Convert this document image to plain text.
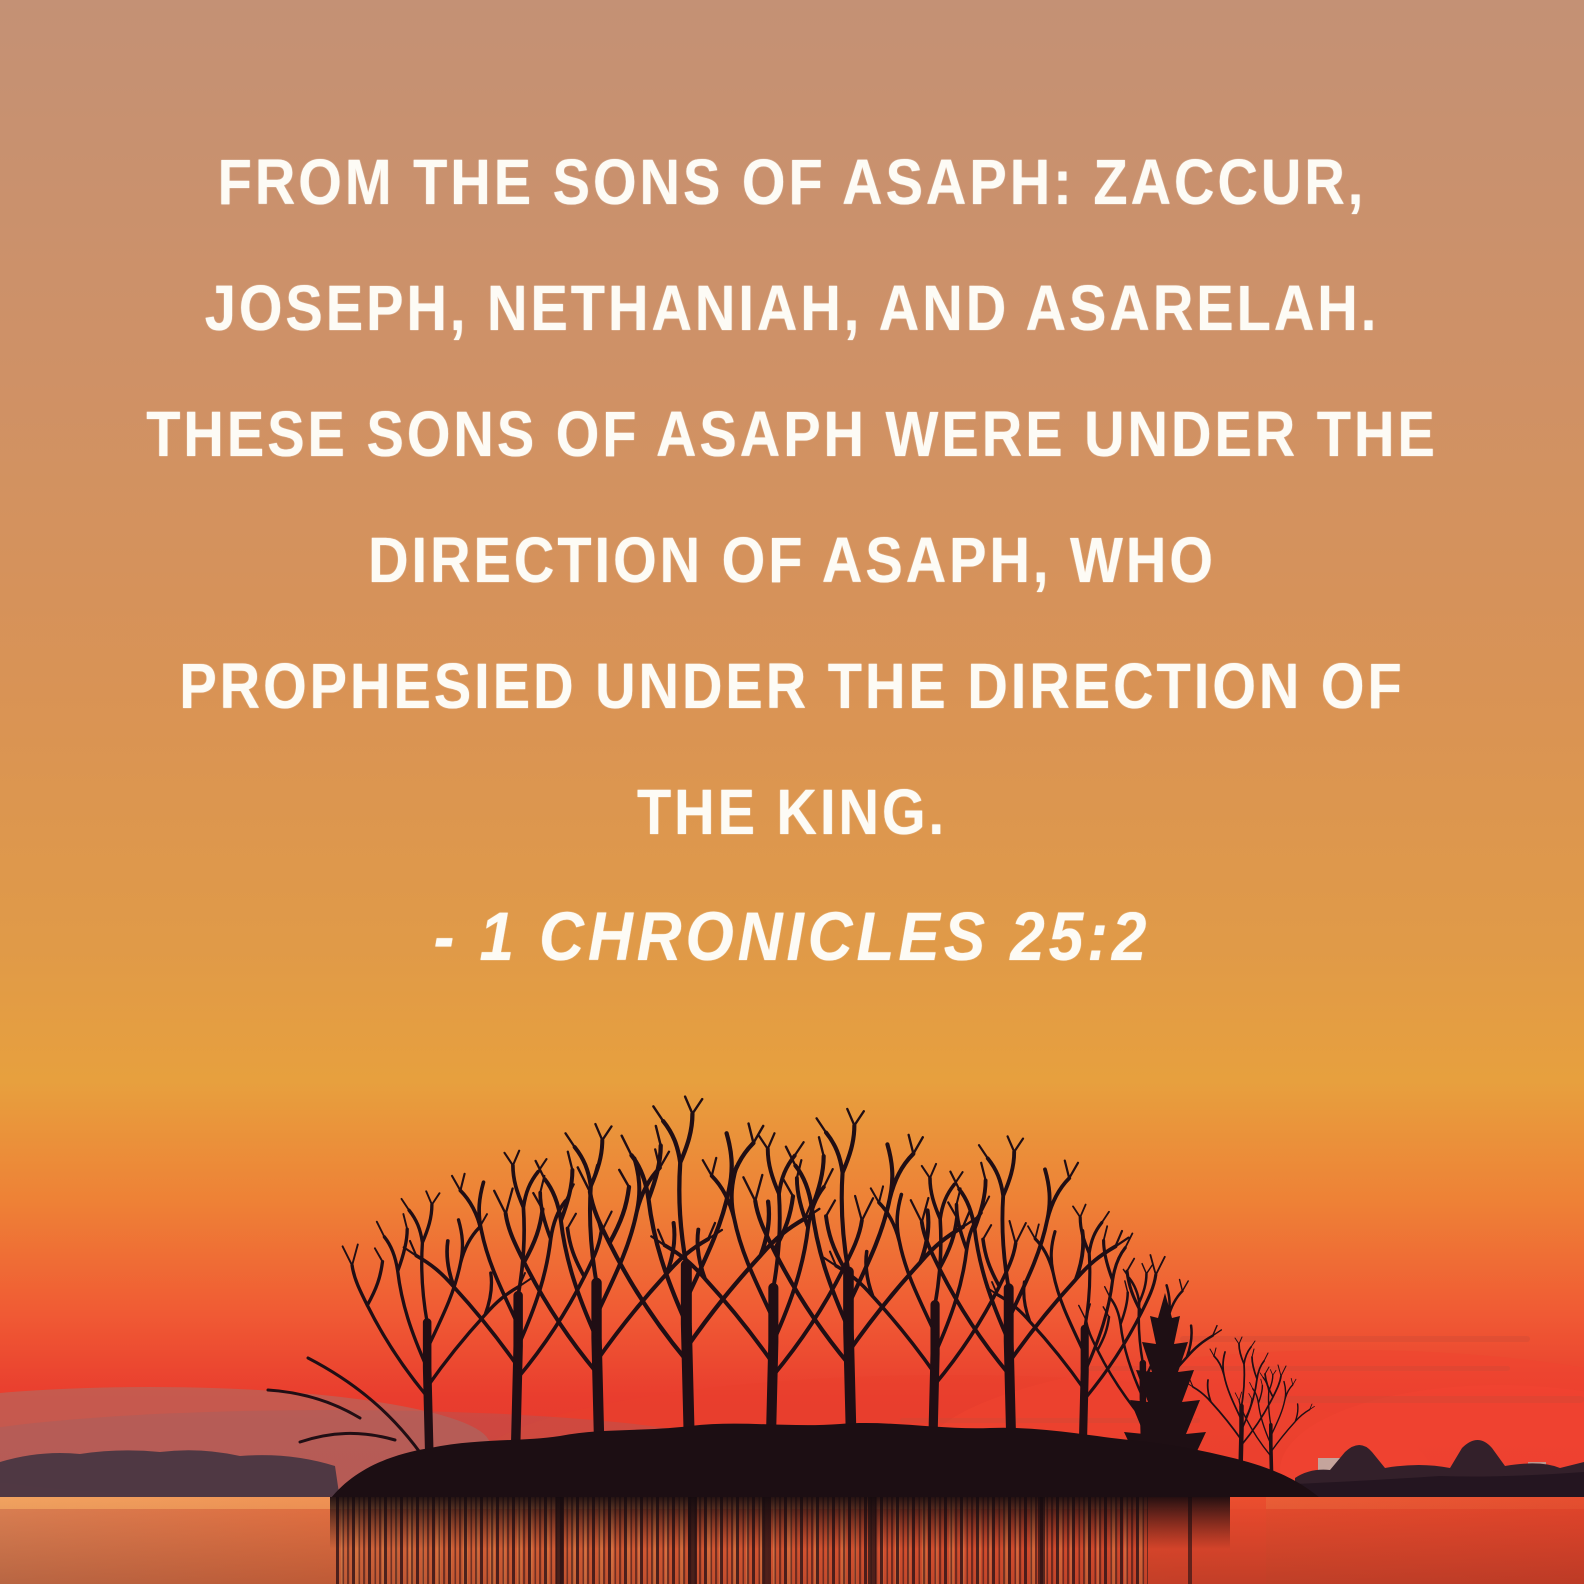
FROM THE SONS OF ASAPH: ZACCUR,
JOSEPH, NETHANIAH, AND ASARELAH.
THESE SONS OF ASAPH WERE UNDER THE
DIRECTION OF ASAPH, WHO
PROPHESIED UNDER THE DIRECTION OF
THE KING.
- 1 CHRONICLES 25:2
